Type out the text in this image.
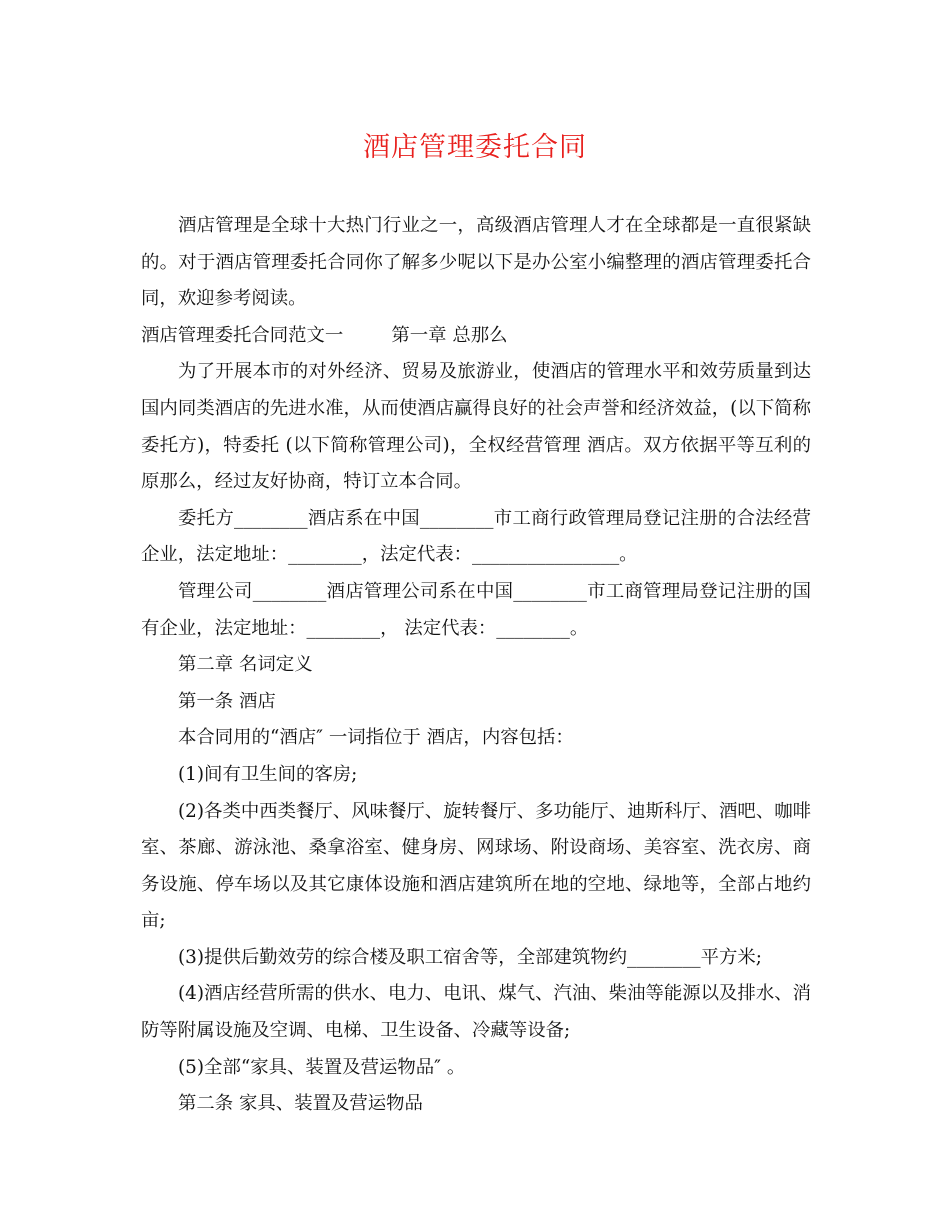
酒店管理委托合同

酒店管理是全球十大热门行业之一，高级酒店管理人才在全球都是一直很紧缺的。对于酒店管理委托合同你了解多少呢以下是办公室小编整理的酒店管理委托合同，欢迎参考阅读。

酒店管理委托合同范文一	第一章 总那么

为了开展本市的对外经济、贸易及旅游业，使酒店的管理水平和效劳质量到达国内同类酒店的先进水准，从而使酒店赢得良好的社会声誉和经济效益，(以下简称委托方)，特委托 (以下简称管理公司)，全权经营管理 酒店。双方依据平等互利的原那么，经过友好协商，特订立本合同。

委托方________酒店系在中国________市工商行政管理局登记注册的合法经营企业，法定地址：________，法定代表：________________。

管理公司________酒店管理公司系在中国________市工商管理局登记注册的国有企业，法定地址：________， 法定代表：________。

第二章 名词定义

第一条 酒店

本合同用的“酒店″ 一词指位于 酒店，内容包括：

(1)间有卫生间的客房;

(2)各类中西类餐厅、风味餐厅、旋转餐厅、多功能厅、迪斯科厅、酒吧、咖啡室、茶廊、游泳池、桑拿浴室、健身房、网球场、附设商场、美容室、洗衣房、商务设施、停车场以及其它康体设施和酒店建筑所在地的空地、绿地等，全部占地约亩;

(3)提供后勤效劳的综合楼及职工宿舍等，全部建筑物约________平方米;

(4)酒店经营所需的供水、电力、电讯、煤气、汽油、柴油等能源以及排水、消防等附属设施及空调、电梯、卫生设备、冷藏等设备;

(5)全部“家具、装置及营运物品″ 。

第二条 家具、装置及营运物品
